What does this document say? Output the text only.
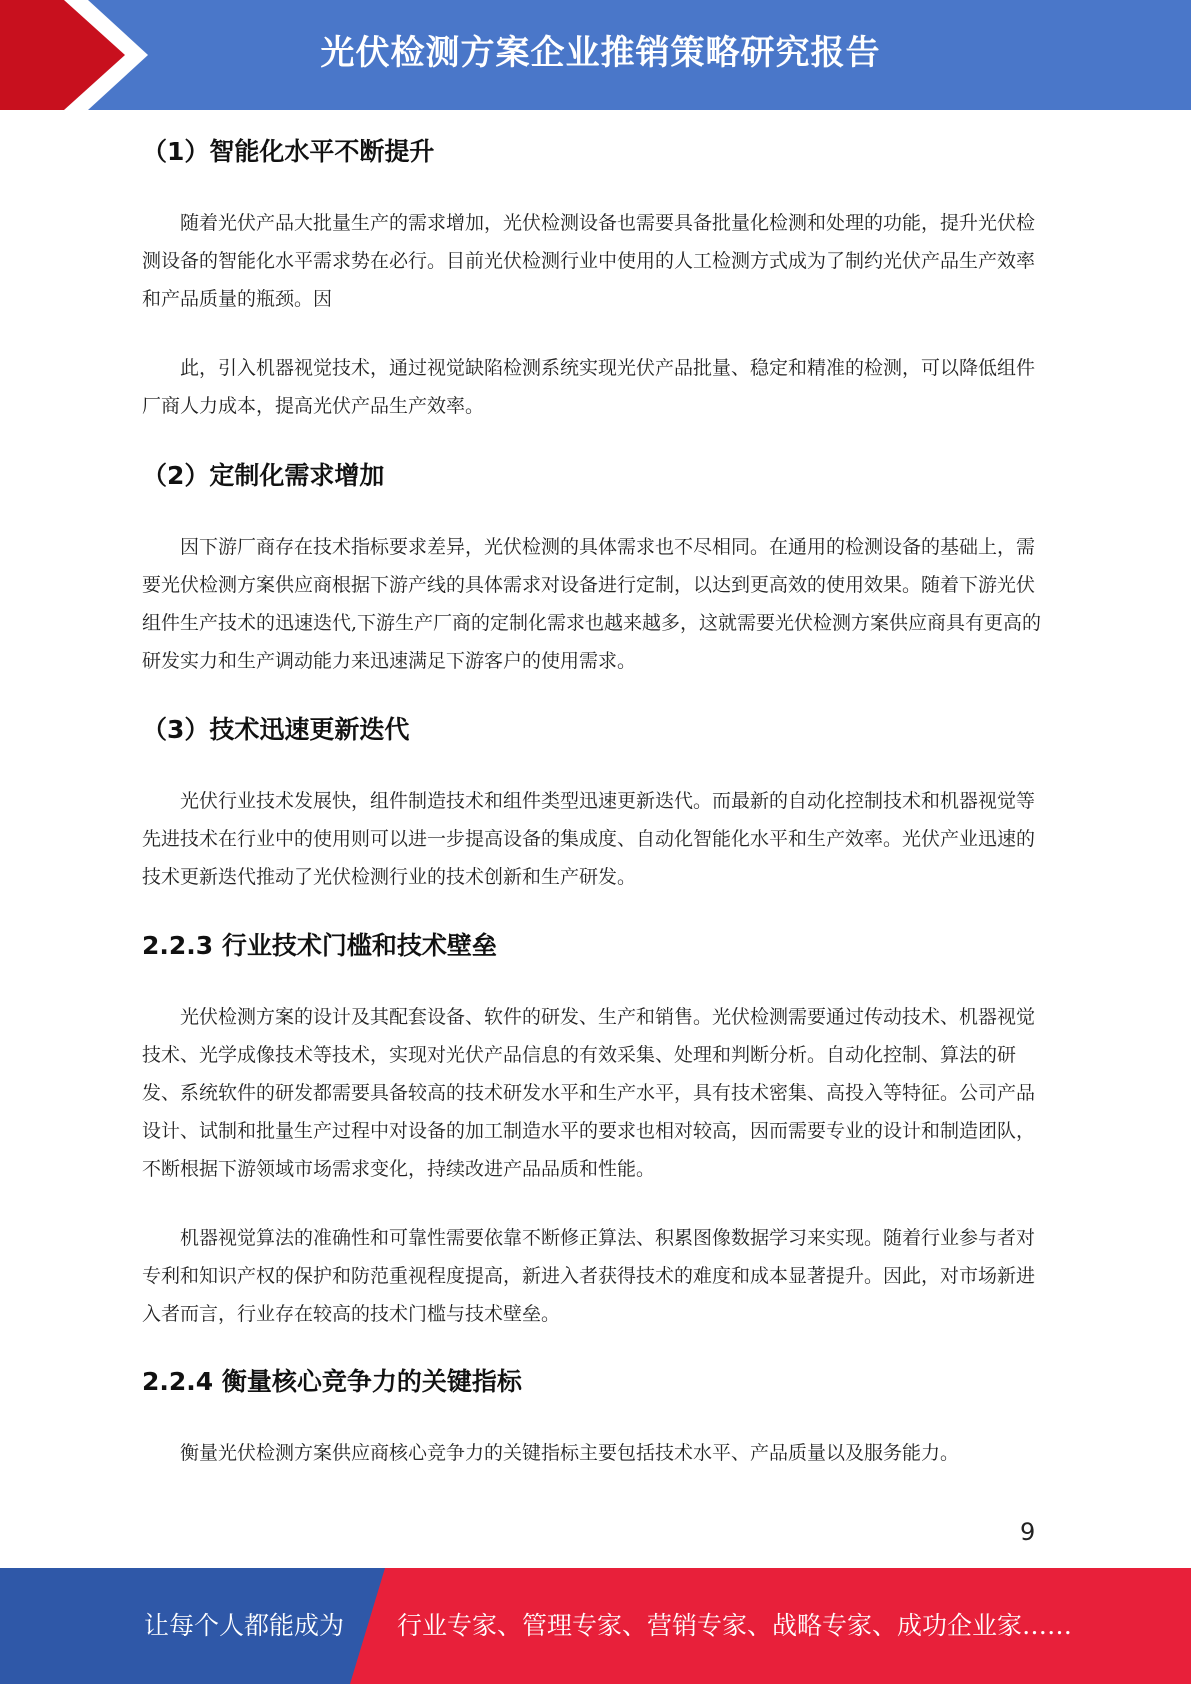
光伏检测方案企业推销策略研究报告
（1）智能化水平不断提升

随着光伏产品大批量生产的需求增加，光伏检测设备也需要具备批量化检测和处理的功能，提升光伏检测设备的智能化水平需求势在必行。目前光伏检测行业中使用的人工检测方式成为了制约光伏产品生产效率和产品质量的瓶颈。因

此，引入机器视觉技术，通过视觉缺陷检测系统实现光伏产品批量、稳定和精准的检测，可以降低组件厂商人力成本，提高光伏产品生产效率。

（2）定制化需求增加

因下游厂商存在技术指标要求差异，光伏检测的具体需求也不尽相同。在通用的检测设备的基础上，需要光伏检测方案供应商根据下游产线的具体需求对设备进行定制，以达到更高效的使用效果。随着下游光伏组件生产技术的迅速迭代,下游生产厂商的定制化需求也越来越多，这就需要光伏检测方案供应商具有更高的研发实力和生产调动能力来迅速满足下游客户的使用需求。

（3）技术迅速更新迭代

光伏行业技术发展快，组件制造技术和组件类型迅速更新迭代。而最新的自动化控制技术和机器视觉等先进技术在行业中的使用则可以进一步提高设备的集成度、自动化智能化水平和生产效率。光伏产业迅速的技术更新迭代推动了光伏检测行业的技术创新和生产研发。

2.2.3 行业技术门槛和技术壁垒

光伏检测方案的设计及其配套设备、软件的研发、生产和销售。光伏检测需要通过传动技术、机器视觉技术、光学成像技术等技术，实现对光伏产品信息的有效采集、处理和判断分析。自动化控制、算法的研发、系统软件的研发都需要具备较高的技术研发水平和生产水平，具有技术密集、高投入等特征。公司产品设计、试制和批量生产过程中对设备的加工制造水平的要求也相对较高，因而需要专业的设计和制造团队，不断根据下游领域市场需求变化，持续改进产品品质和性能。

机器视觉算法的准确性和可靠性需要依靠不断修正算法、积累图像数据学习来实现。随着行业参与者对专利和知识产权的保护和防范重视程度提高，新进入者获得技术的难度和成本显著提升。因此，对市场新进入者而言，行业存在较高的技术门槛与技术壁垒。

2.2.4 衡量核心竞争力的关键指标

衡量光伏检测方案供应商核心竞争力的关键指标主要包括技术水平、产品质量以及服务能力。

9
让每个人都能成为 行业专家、管理专家、营销专家、战略专家、成功企业家……
